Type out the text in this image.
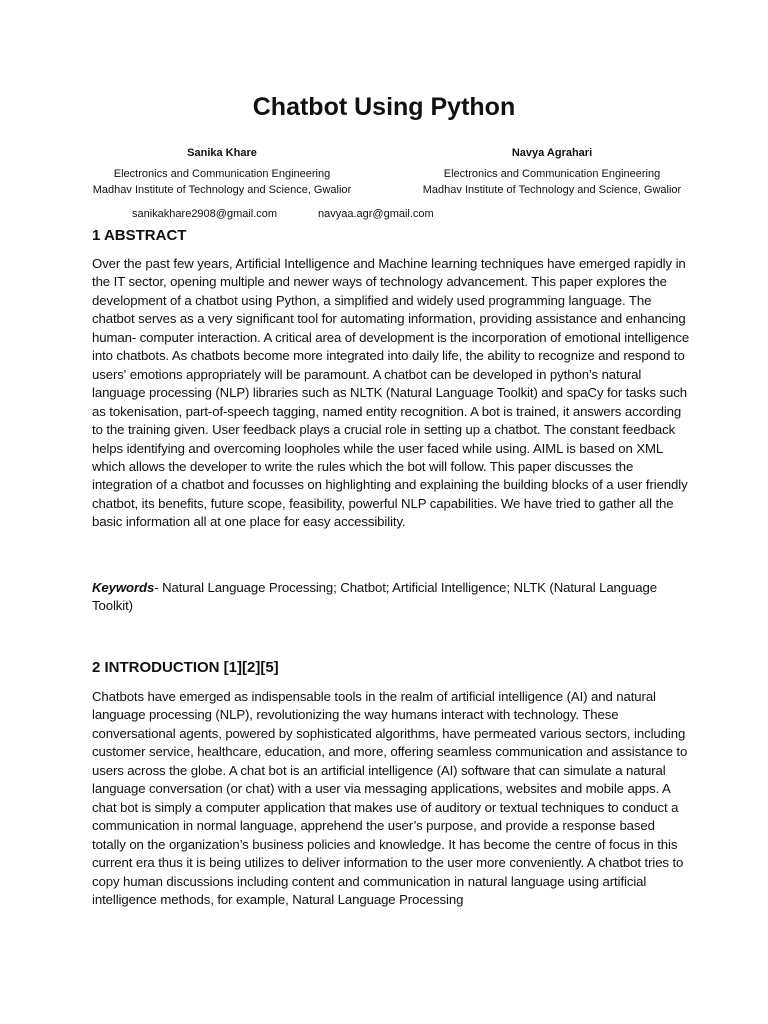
Chatbot Using Python
Sanika Khare
Electronics and Communication Engineering
Madhav Institute of Technology and Science, Gwalior
Navya Agrahari
Electronics and Communication Engineering
Madhav Institute of Technology and Science, Gwalior
sanikakhare2908@gmail.com	navyaa.agr@gmail.com
1 ABSTRACT

Over the past few years, Artificial Intelligence and Machine learning techniques have emerged rapidly in the IT sector, opening multiple and newer ways of technology advancement. This paper explores the development of a chatbot using Python, a simplified and widely used programming language. The chatbot serves as a very significant tool for automating information, providing assistance and enhancing human- computer interaction. A critical area of development is the incorporation of emotional intelligence into chatbots. As chatbots become more integrated into daily life, the ability to recognize and respond to users' emotions appropriately will be paramount. A chatbot can be developed in python’s natural language processing (NLP) libraries such as NLTK (Natural Language Toolkit) and spaCy for tasks such as tokenisation, part-of-speech tagging, named entity recognition. A bot is trained, it answers according to the training given. User feedback plays a crucial role in setting up a chatbot. The constant feedback helps identifying and overcoming loopholes while the user faced while using. AIML is based on XML which allows the developer to write the rules which the bot will follow. This paper discusses the integration of a chatbot and focusses on highlighting and explaining the building blocks of a user friendly chatbot, its benefits, future scope, feasibility, powerful NLP capabilities. We have tried to gather all the basic information all at one place for easy accessibility.

Keywords- Natural Language Processing; Chatbot; Artificial Intelligence; NLTK (Natural Language Toolkit)

2 INTRODUCTION [1][2][5]

Chatbots have emerged as indispensable tools in the realm of artificial intelligence (AI) and natural language processing (NLP), revolutionizing the way humans interact with technology. These conversational agents, powered by sophisticated algorithms, have permeated various sectors, including customer service, healthcare, education, and more, offering seamless communication and assistance to users across the globe. A chat bot is an artificial intelligence (AI) software that can simulate a natural language conversation (or chat) with a user via messaging applications, websites and mobile apps. A chat bot is simply a computer application that makes use of auditory or textual techniques to conduct a communication in normal language, apprehend the user’s purpose, and provide a response based totally on the organization’s business policies and knowledge. It has become the centre of focus in this current era thus it is being utilizes to deliver information to the user more conveniently. A chatbot tries to copy human discussions including content and communication in natural language using artificial intelligence methods, for example, Natural Language Processing
